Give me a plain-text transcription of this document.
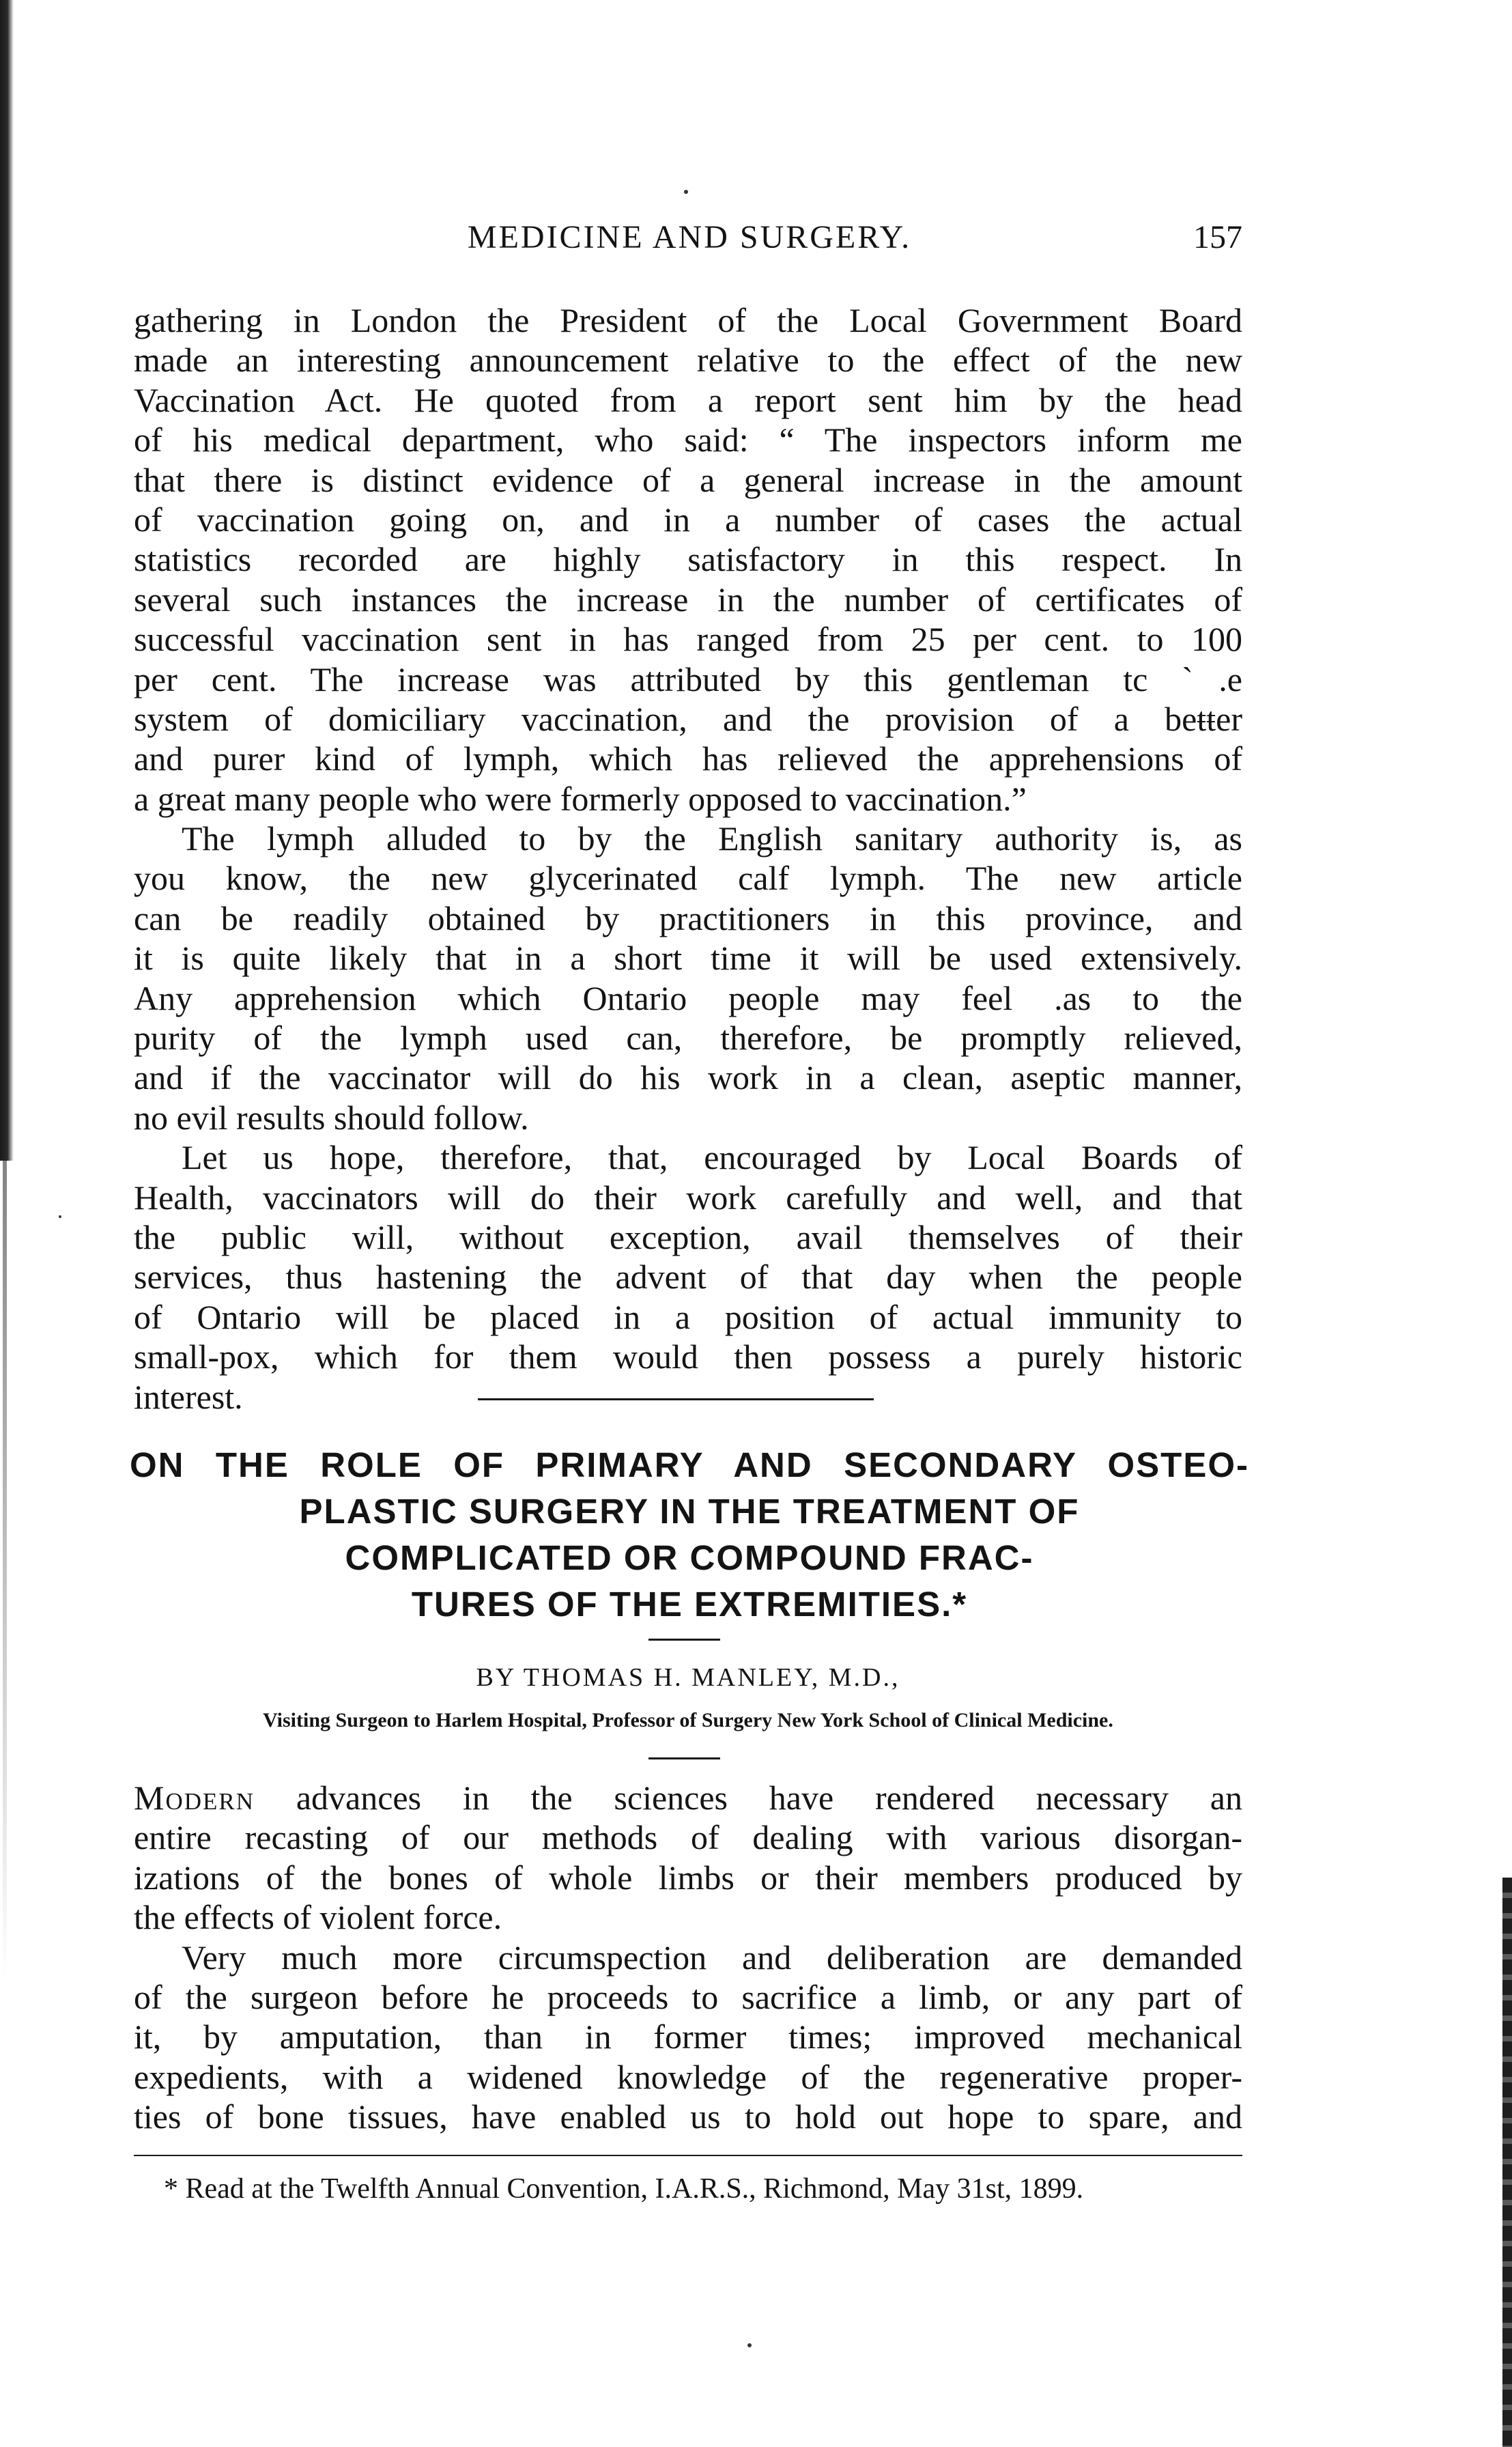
MEDICINE AND SURGERY.	157
gathering in London the President of the Local Government Board
made an interesting announcement relative to the effect of the new
Vaccination Act. He quoted from a report sent him by the head
of his medical department, who said: “ The inspectors inform me
that there is distinct evidence of a general increase in the amount
of vaccination going on, and in a number of cases the actual
statistics recorded are highly satisfactory in this respect. In
several such instances the increase in the number of certificates of
successful vaccination sent in has ranged from 25 per cent. to 100
per cent. The increase was attributed by this gentleman tc ˋ.e
system of domiciliary vaccination, and the provision of a beŧŧer
and purer kind of lymph, which has relieved the apprehensions of
a great many people who were formerly opposed to vaccination.”
The lymph alluded to by the English sanitary authority is, as
you know, the new glycerinated calf lymph. The new article
can be readily obtained by practitioners in this province, and
it is quite likely that in a short time it will be used extensively.
Any apprehension which Ontario people may feel .as to the
purity of the lymph used can, therefore, be promptly relieved,
and if the vaccinator will do his work in a clean, aseptic manner,
no evil results should follow.
Let us hope, therefore, that, encouraged by Local Boards of
Health, vaccinators will do their work carefully and well, and that
the public will, without exception, avail themselves of their
services, thus hastening the advent of that day when the people
of Ontario will be placed in a position of actual immunity to
small-pox, which for them would then possess a purely historic
interest.
ON THE ROLE OF PRIMARY AND SECONDARY OSTEO-
PLASTIC SURGERY IN THE TREATMENT OF
COMPLICATED OR COMPOUND FRAC-
TURES OF THE EXTREMITIES.*
BY THOMAS H. MANLEY, M.D.,
Visiting Surgeon to Harlem Hospital, Professor of Surgery New York School of Clinical Medicine.
Modern advances in the sciences have rendered necessary an
entire recasting of our methods of dealing with various disorgan-
izations of the bones of whole limbs or their members produced by
the effects of violent force.
Very much more circumspection and deliberation are demanded
of the surgeon before he proceeds to sacrifice a limb, or any part of
it, by amputation, than in former times; improved mechanical
expedients, with a widened knowledge of the regenerative proper-
ties of bone tissues, have enabled us to hold out hope to spare, and
* Read at the Twelfth Annual Convention, I.A.R.S., Richmond, May 31st, 1899.
